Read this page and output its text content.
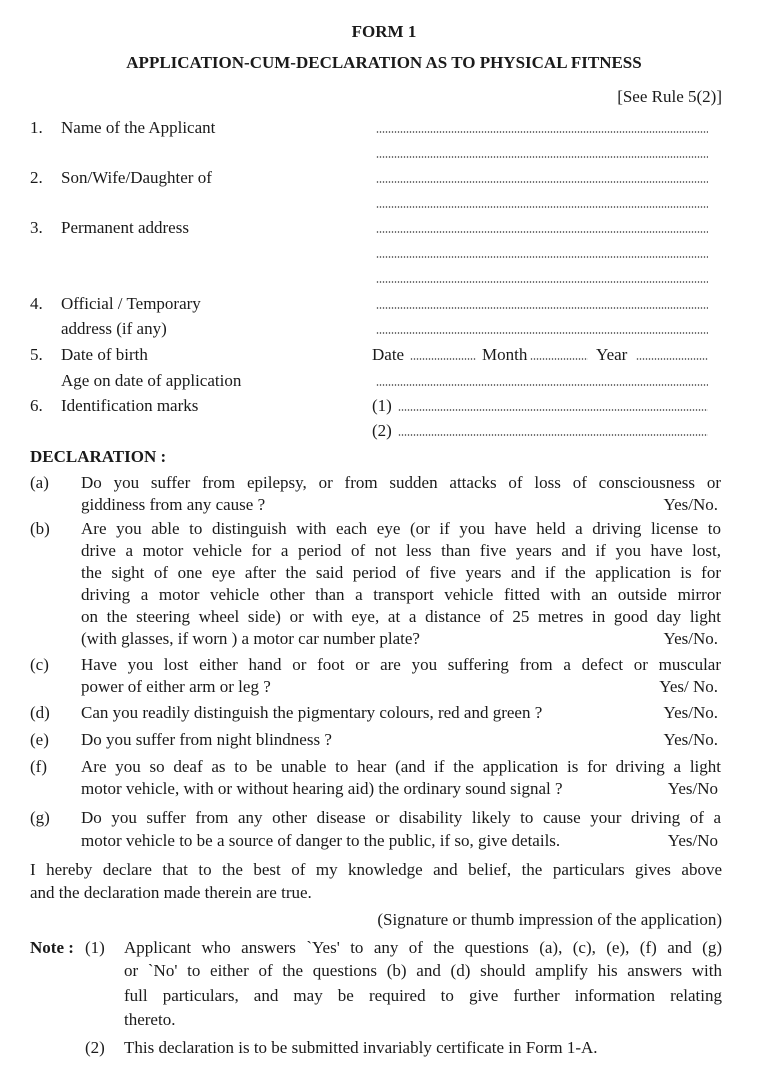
FORM 1
APPLICATION-CUM-DECLARATION AS TO PHYSICAL FITNESS
[See Rule 5(2)]
1. Name of the Applicant
2. Son/Wife/Daughter of
3. Permanent address
4. Official / Temporary
address (if any)
5. Date of birth	Date	Month	Year
Age on date of application
6. Identification marks	(1)
(2)
DECLARATION :
(a) Do you suffer from epilepsy, or from sudden attacks of loss of consciousness or
giddiness from any cause ?	Yes/No.
(b) Are you able to distinguish with each eye (or if you have held a driving license to
drive a motor vehicle for a period of not less than five years and if you have lost,
the sight of one eye after the said period of five years and if the application is for
driving a motor vehicle other than a transport vehicle fitted with an outside mirror
on the steering wheel side) or with eye, at a distance of 25 metres in good day light
(with glasses, if worn ) a motor car number plate?	Yes/No.
(c) Have you lost either hand or foot or are you suffering from a defect or muscular
power of either arm or leg ?	Yes/ No.
(d) Can you readily distinguish the pigmentary colours, red and green ?	Yes/No.
(e) Do you suffer from night blindness ?	Yes/No.
(f) Are you so deaf as to be unable to hear (and if the application is for driving a light
motor vehicle, with or without hearing aid) the ordinary sound signal ?	Yes/No
(g) Do you suffer from any other disease or disability likely to cause your driving of a
motor vehicle to be a source of danger to the public, if so, give details.	Yes/No
I hereby declare that to the best of my knowledge and belief, the particulars gives above
and the declaration made therein are true.
(Signature or thumb impression of the application)
Note : (1) Applicant who answers `Yes' to any of the questions (a), (c), (e), (f) and (g)
or `No' to either of the questions (b) and (d) should amplify his answers with
full particulars, and may be required to give further information relating
thereto.
(2) This declaration is to be submitted invariably certificate in Form 1-A.
